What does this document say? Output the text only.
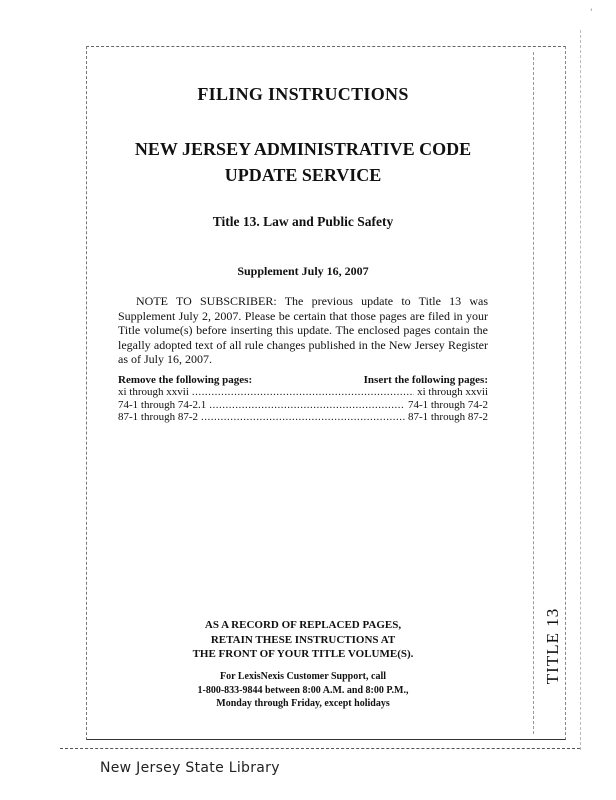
'

FILING INSTRUCTIONS

NEW JERSEY ADMINISTRATIVE CODE

UPDATE SERVICE

Title 13. Law and Public Safety
Supplement July 16, 2007
NOTE TO SUBSCRIBER: The previous update to Title 13 was Supplement July 2, 2007. Please be certain that those pages are filed in your Title volume(s) before inserting this update. The enclosed pages contain the legally adopted text of all rule changes published in the New Jersey Register as of July 16, 2007.
Remove the following pages:	Insert the following pages:
xi through xxvii .....	xi through xxvii
74-1 through 74-2.1 .....	74-1 through 74-2
87-1 through 87-2 .....	87-1 through 87-2
AS A RECORD OF REPLACED PAGES,
RETAIN THESE INSTRUCTIONS AT
THE FRONT OF YOUR TITLE VOLUME(S).
For LexisNexis Customer Support, call
1-800-833-9844 between 8:00 A.M. and 8:00 P.M.,
Monday through Friday, except holidays
TITLE 13
New Jersey State Library
